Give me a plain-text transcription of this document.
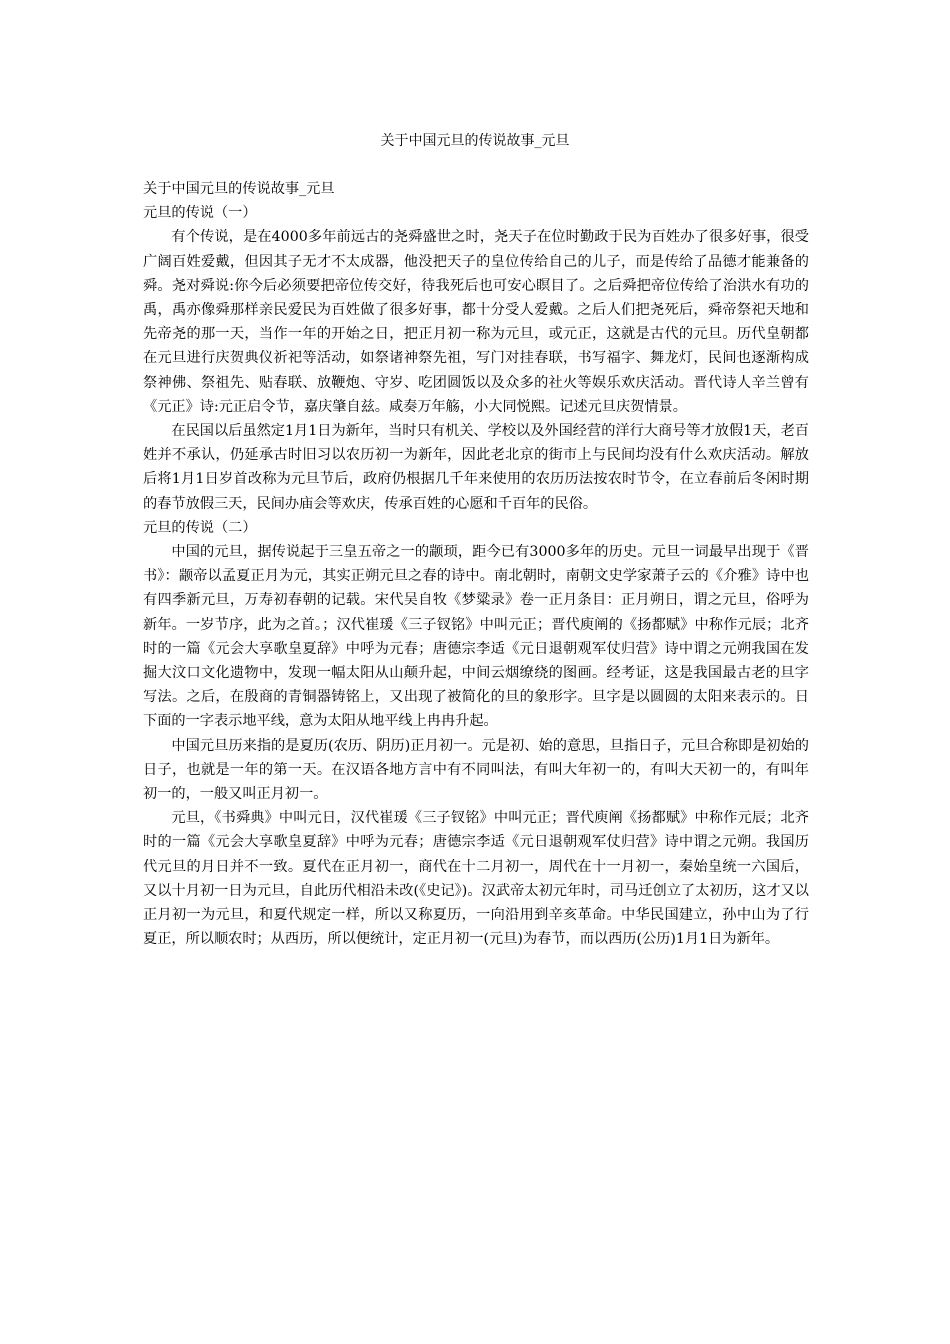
关于中国元旦的传说故事_元旦

关于中国元旦的传说故事_元旦

元旦的传说（一）

有个传说，是在4000多年前远古的尧舜盛世之时，尧天子在位时勤政于民为百姓办了很多好事，很受广阔百姓爱戴，但因其子无才不太成器，他没把天子的皇位传给自己的儿子，而是传给了品德才能兼备的舜。尧对舜说:你今后必须要把帝位传交好，待我死后也可安心瞑目了。之后舜把帝位传给了治洪水有功的禹，禹亦像舜那样亲民爱民为百姓做了很多好事，都十分受人爱戴。之后人们把尧死后，舜帝祭祀天地和先帝尧的那一天，当作一年的开始之日，把正月初一称为元旦，或元正，这就是古代的元旦。历代皇朝都在元旦进行庆贺典仪祈祀等活动，如祭诸神祭先祖，写门对挂春联，书写福字、舞龙灯，民间也逐渐构成祭神佛、祭祖先、贴春联、放鞭炮、守岁、吃团圆饭以及众多的社火等娱乐欢庆活动。晋代诗人辛兰曾有《元正》诗:元正启令节，嘉庆肇自兹。咸奏万年觞，小大同悦熙。记述元旦庆贺情景。

在民国以后虽然定1月1日为新年，当时只有机关、学校以及外国经营的洋行大商号等才放假1天，老百姓并不承认，仍延承古时旧习以农历初一为新年，因此老北京的街市上与民间均没有什么欢庆活动。解放后将1月1日岁首改称为元旦节后，政府仍根据几千年来使用的农历历法按农时节令，在立春前后冬闲时期的春节放假三天，民间办庙会等欢庆，传承百姓的心愿和千百年的民俗。

元旦的传说（二）

中国的元旦，据传说起于三皇五帝之一的颛顼，距今已有3000多年的历史。元旦一词最早出现于《晋书》：颛帝以孟夏正月为元，其实正朔元旦之春的诗中。南北朝时，南朝文史学家萧子云的《介雅》诗中也有四季新元旦，万寿初春朝的记载。宋代吴自牧《梦粱录》卷一正月条目：正月朔日，谓之元旦，俗呼为新年。一岁节序，此为之首。；汉代崔瑗《三子钗铭》中叫元正；晋代庾阐的《扬都赋》中称作元辰；北齐时的一篇《元会大享歌皇夏辞》中呼为元春；唐德宗李适《元日退朝观军仗归营》诗中谓之元朔我国在发掘大汶口文化遗物中，发现一幅太阳从山颠升起，中间云烟缭绕的图画。经考证，这是我国最古老的旦字写法。之后，在殷商的青铜器铸铭上，又出现了被简化的旦的象形字。旦字是以圆圆的太阳来表示的。日下面的一字表示地平线，意为太阳从地平线上冉冉升起。

中国元旦历来指的是夏历(农历、阴历)正月初一。元是初、始的意思，旦指日子，元旦合称即是初始的日子，也就是一年的第一天。在汉语各地方言中有不同叫法，有叫大年初一的，有叫大天初一的，有叫年初一的，一般又叫正月初一。

元旦，《书舜典》中叫元日，汉代崔瑗《三子钗铭》中叫元正；晋代庾阐《扬都赋》中称作元辰；北齐时的一篇《元会大享歌皇夏辞》中呼为元春；唐德宗李适《元日退朝观军仗归营》诗中谓之元朔。我国历代元旦的月日并不一致。夏代在正月初一，商代在十二月初一，周代在十一月初一，秦始皇统一六国后，又以十月初一日为元旦，自此历代相沿未改(《史记》)。汉武帝太初元年时，司马迁创立了太初历，这才又以正月初一为元旦，和夏代规定一样，所以又称夏历，一向沿用到辛亥革命。中华民国建立，孙中山为了行夏正，所以顺农时；从西历，所以便统计，定正月初一(元旦)为春节，而以西历(公历)1月1日为新年。
